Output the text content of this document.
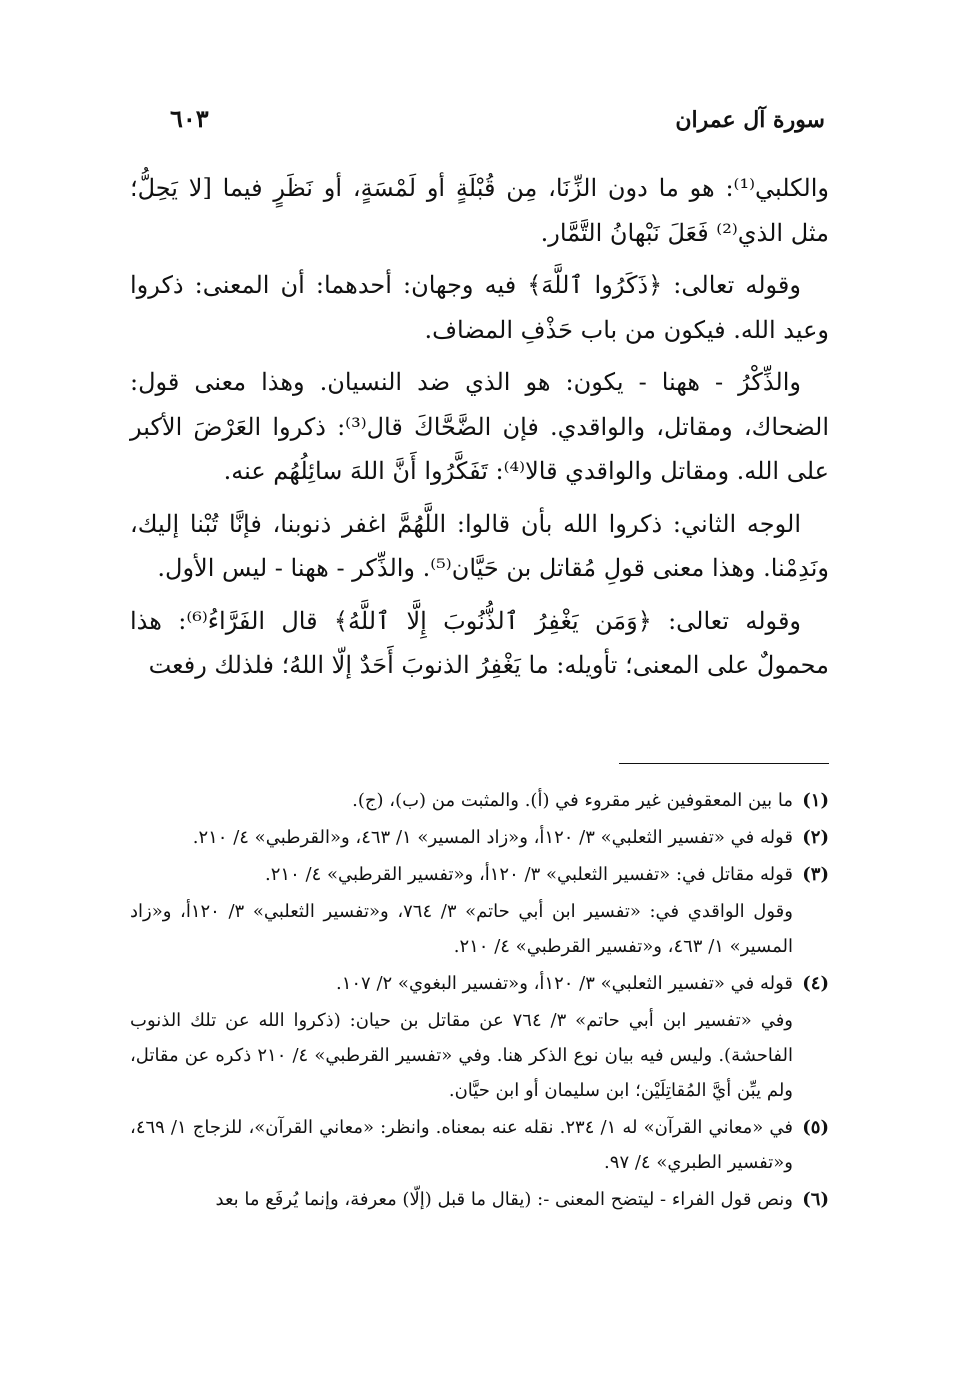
سورة آل عمران
٦٠٣

والكلبي⁽¹⁾: هو ما دون الزِّنَا، مِن قُبْلَةٍ أو لَمْسَةٍ، أو نَظَرٍ فيما [لا يَحِلُّ؛ مثل الذي⁽²⁾ فَعَلَ نَبْهانُ التَّمَّار.

وقوله تعالى: ﴿ذَكَرُوا ٱللَّهَ﴾ فيه وجهان: أحدهما: أن المعنى: ذكروا وعيد الله. فيكون من باب حَذْفِ المضاف.

والذِّكْرُ - ههنا - يكون: هو الذي ضد النسيان. وهذا معنى قول: الضحاك، ومقاتل، والواقدي. فإن الضَّحَّاكَ قال⁽³⁾: ذكروا العَرْضَ الأكبر على الله. ومقاتل والواقدي قالا⁽⁴⁾: تَفَكَّرُوا أَنَّ اللهَ سائِلُهُم عنه.

الوجه الثاني: ذكروا الله بأن قالوا: اللَّهُمَّ اغفر ذنوبنا، فإنَّا تُبْنا إليك، ونَدِمْنا. وهذا معنى قولِ مُقاتل بن حَيَّان⁽⁵⁾. والذِّكر - ههنا - ليس الأول.

وقوله تعالى: ﴿وَمَن يَغْفِرُ ٱلذُّنُوبَ إِلَّا ٱللَّهُ﴾ قال الفَرَّاءُ⁽⁶⁾: هذا محمولٌ على المعنى؛ تأويله: ما يَغْفِرُ الذنوبَ أَحَدٌ إلّا اللهُ؛ فلذلك رفعت

(١)
ما بين المعقوفين غير مقروء في (أ). والمثبت من (ب)، (ج).
(٢)
قوله في «تفسير الثعلبي» ٣/ ١٢٠أ، و«زاد المسير» ١/ ٤٦٣، و«القرطبي» ٤/ ٢١٠.
(٣)
قوله مقاتل في: «تفسير الثعلبي» ٣/ ١٢٠أ، و«تفسير القرطبي» ٤/ ٢١٠.
وقول الواقدي في: «تفسير ابن أبي حاتم» ٣/ ٧٦٤، و«تفسير الثعلبي» ٣/ ١٢٠أ، و«زاد المسير» ١/ ٤٦٣، و«تفسير القرطبي» ٤/ ٢١٠.
(٤)
قوله في «تفسير الثعلبي» ٣/ ١٢٠أ، و«تفسير البغوي» ٢/ ١٠٧.
وفي «تفسير ابن أبي حاتم» ٣/ ٧٦٤ عن مقاتل بن حيان: (ذكروا الله عن تلك الذنوب الفاحشة). وليس فيه بيان نوع الذكر هنا. وفي «تفسير القرطبي» ٤/ ٢١٠ ذكره عن مقاتل، ولم يبِّن أيَّ المُقاتِلَيْن؛ ابن سليمان أو ابن حيَّان.
(٥)
في «معاني القرآن» له ١/ ٢٣٤. نقله عنه بمعناه. وانظر: «معاني القرآن»، للزجاج ١/ ٤٦٩، و«تفسير الطبري» ٤/ ٩٧.
(٦)
ونص قول الفراء - ليتضح المعنى -: (يقال ما قبل (إلّا) معرفة، وإنما يُرفَع ما بعد
